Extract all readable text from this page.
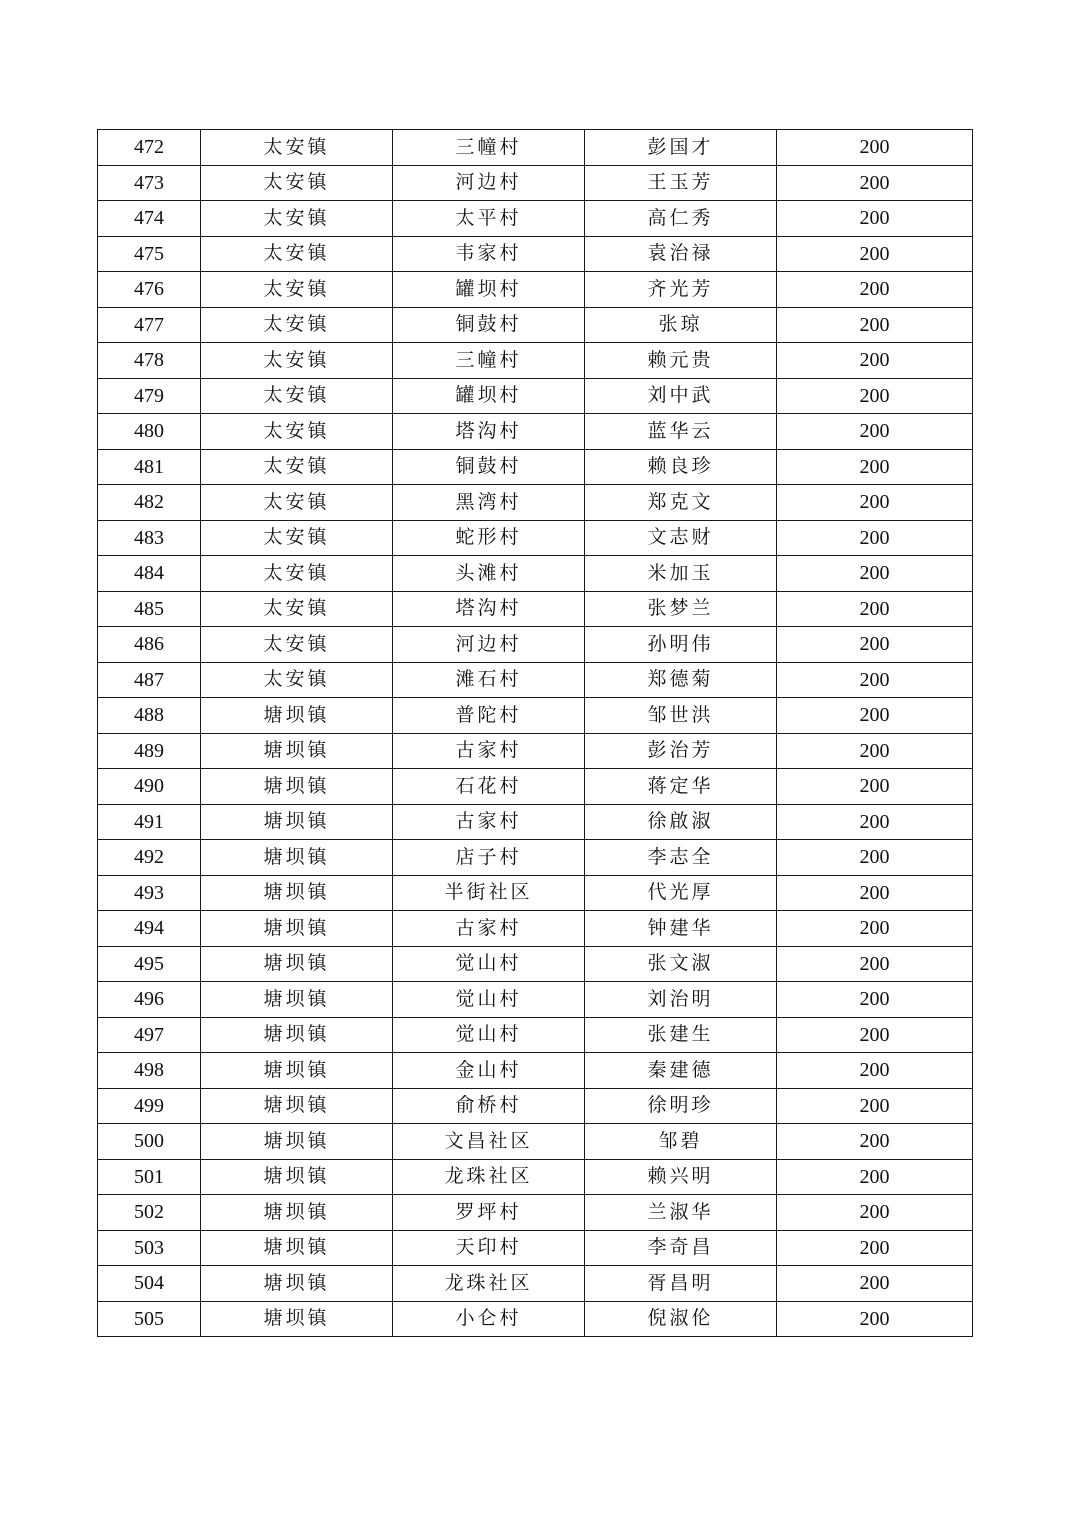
472	太安镇	三幢村	彭国才	200
473	太安镇	河边村	王玉芳	200
474	太安镇	太平村	高仁秀	200
475	太安镇	韦家村	袁治禄	200
476	太安镇	罐坝村	齐光芳	200
477	太安镇	铜鼓村	张琼	200
478	太安镇	三幢村	赖元贵	200
479	太安镇	罐坝村	刘中武	200
480	太安镇	塔沟村	蓝华云	200
481	太安镇	铜鼓村	赖良珍	200
482	太安镇	黑湾村	郑克文	200
483	太安镇	蛇形村	文志财	200
484	太安镇	头滩村	米加玉	200
485	太安镇	塔沟村	张梦兰	200
486	太安镇	河边村	孙明伟	200
487	太安镇	滩石村	郑德菊	200
488	塘坝镇	普陀村	邹世洪	200
489	塘坝镇	古家村	彭治芳	200
490	塘坝镇	石花村	蒋定华	200
491	塘坝镇	古家村	徐啟淑	200
492	塘坝镇	店子村	李志全	200
493	塘坝镇	半街社区	代光厚	200
494	塘坝镇	古家村	钟建华	200
495	塘坝镇	觉山村	张文淑	200
496	塘坝镇	觉山村	刘治明	200
497	塘坝镇	觉山村	张建生	200
498	塘坝镇	金山村	秦建德	200
499	塘坝镇	俞桥村	徐明珍	200
500	塘坝镇	文昌社区	邹碧	200
501	塘坝镇	龙珠社区	赖兴明	200
502	塘坝镇	罗坪村	兰淑华	200
503	塘坝镇	天印村	李奇昌	200
504	塘坝镇	龙珠社区	胥昌明	200
505	塘坝镇	小仑村	倪淑伦	200
